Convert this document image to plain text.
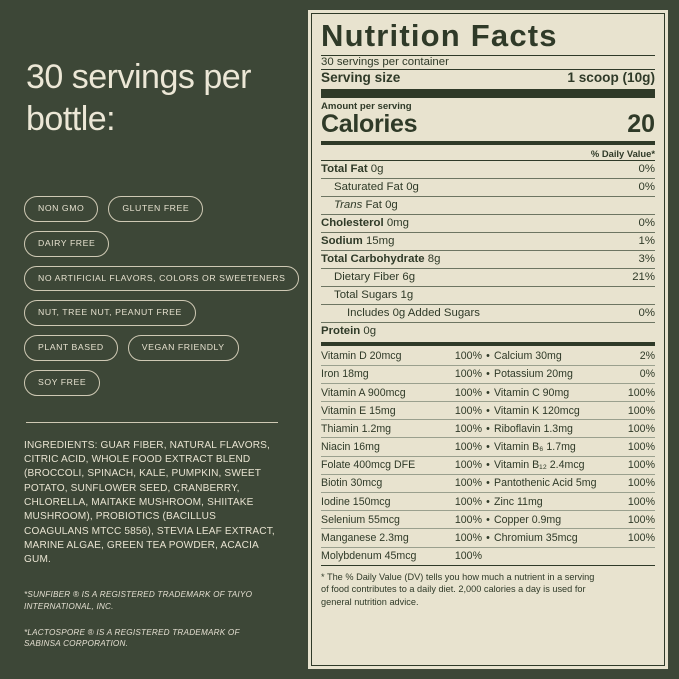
30 servings per bottle:
NON GMO	GLUTEN FREE
DAIRY FREE
NO ARTIFICIAL FLAVORS, COLORS OR SWEETENERS
NUT, TREE NUT, PEANUT FREE
PLANT BASED	VEGAN FRIENDLY
SOY FREE

INGREDIENTS: GUAR FIBER, NATURAL FLAVORS, CITRIC ACID, WHOLE FOOD EXTRACT BLEND (BROCCOLI, SPINACH, KALE, PUMPKIN, SWEET POTATO, SUNFLOWER SEED, CRANBERRY, CHLORELLA, MAITAKE MUSHROOM, SHIITAKE MUSHROOM), PROBIOTICS (BACILLUS COAGULANS MTCC 5856), STEVIA LEAF EXTRACT, MARINE ALGAE, GREEN TEA POWDER, ACACIA GUM.

*SUNFIBER ® IS A REGISTERED TRADEMARK OF TAIYO INTERNATIONAL, INC.

*LACTOSPORE ® IS A REGISTERED TRADEMARK OF SABINSA CORPORATION.

Nutrition Facts
30 servings per container
Serving size	1 scoop (10g)
Amount per serving
Calories	20
% Daily Value*
Total Fat 0g	0%
Saturated Fat 0g	0%
Trans Fat 0g
Cholesterol 0mg	0%
Sodium 15mg	1%
Total Carbohydrate 8g	3%
Dietary Fiber 6g	21%
Total Sugars 1g
Includes 0g Added Sugars	0%
Protein 0g
Vitamin D 20mcg	100% • Calcium 30mg	2%
Iron 18mg	100% • Potassium 20mg	0%
Vitamin A 900mcg	100% • Vitamin C 90mg	100%
Vitamin E 15mg	100% • Vitamin K 120mcg	100%
Thiamin 1.2mg	100% • Riboflavin 1.3mg	100%
Niacin 16mg	100% • Vitamin B₆ 1.7mg	100%
Folate 400mcg DFE	100% • Vitamin B₁₂ 2.4mcg	100%
Biotin 30mcg	100% • Pantothenic Acid 5mg	100%
Iodine 150mcg	100% • Zinc 11mg	100%
Selenium 55mcg	100% • Copper 0.9mg	100%
Manganese 2.3mg	100% • Chromium 35mcg	100%
Molybdenum 45mcg	100%
* The % Daily Value (DV) tells you how much a nutrient in a serving
of food contributes to a daily diet. 2,000 calories a day is used for
general nutrition advice.
